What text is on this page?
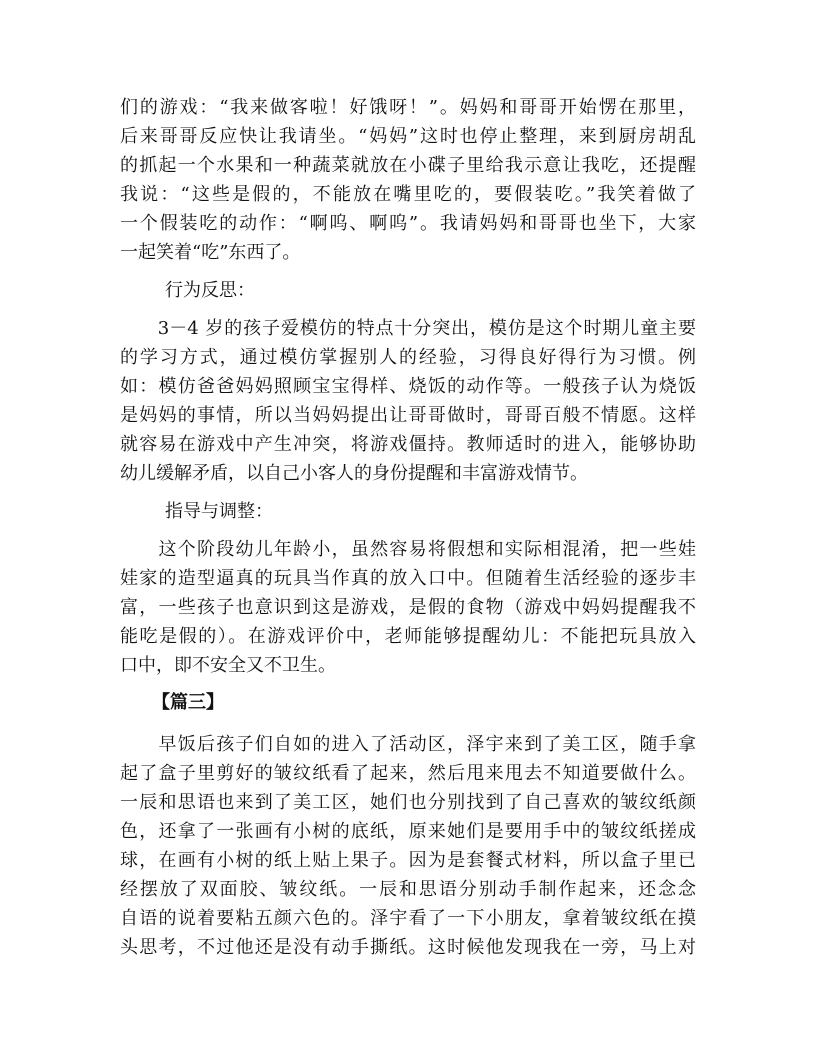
们的游戏：“我来做客啦！好饿呀！”。妈妈和哥哥开始愣在那里，
后来哥哥反应快让我请坐。“妈妈”这时也停止整理，来到厨房胡乱
的抓起一个水果和一种蔬菜就放在小碟子里给我示意让我吃，还提醒
我说：“这些是假的，不能放在嘴里吃的，要假装吃。”我笑着做了
一个假装吃的动作：“啊呜、啊呜”。我请妈妈和哥哥也坐下，大家
一起笑着“吃”东西了。
行为反思：
　　3－4 岁的孩子爱模仿的特点十分突出，模仿是这个时期儿童主要
的学习方式，通过模仿掌握别人的经验，习得良好得行为习惯。例
如：模仿爸爸妈妈照顾宝宝得样、烧饭的动作等。一般孩子认为烧饭
是妈妈的事情，所以当妈妈提出让哥哥做时，哥哥百般不情愿。这样
就容易在游戏中产生冲突，将游戏僵持。教师适时的进入，能够协助
幼儿缓解矛盾，以自己小客人的身份提醒和丰富游戏情节。
指导与调整：
　　这个阶段幼儿年龄小，虽然容易将假想和实际相混淆，把一些娃
娃家的造型逼真的玩具当作真的放入口中。但随着生活经验的逐步丰
富，一些孩子也意识到这是游戏，是假的食物（游戏中妈妈提醒我不
能吃是假的）。在游戏评价中，老师能够提醒幼儿：不能把玩具放入
口中，即不安全又不卫生。
【篇三】
　　早饭后孩子们自如的进入了活动区，泽宇来到了美工区，随手拿
起了盒子里剪好的皱纹纸看了起来，然后甩来甩去不知道要做什么。
一辰和思语也来到了美工区，她们也分别找到了自己喜欢的皱纹纸颜
色，还拿了一张画有小树的底纸，原来她们是要用手中的皱纹纸搓成
球，在画有小树的纸上贴上果子。因为是套餐式材料，所以盒子里已
经摆放了双面胶、皱纹纸。一辰和思语分别动手制作起来，还念念
自语的说着要粘五颜六色的。泽宇看了一下小朋友，拿着皱纹纸在摸
头思考，不过他还是没有动手撕纸。这时候他发现我在一旁，马上对
